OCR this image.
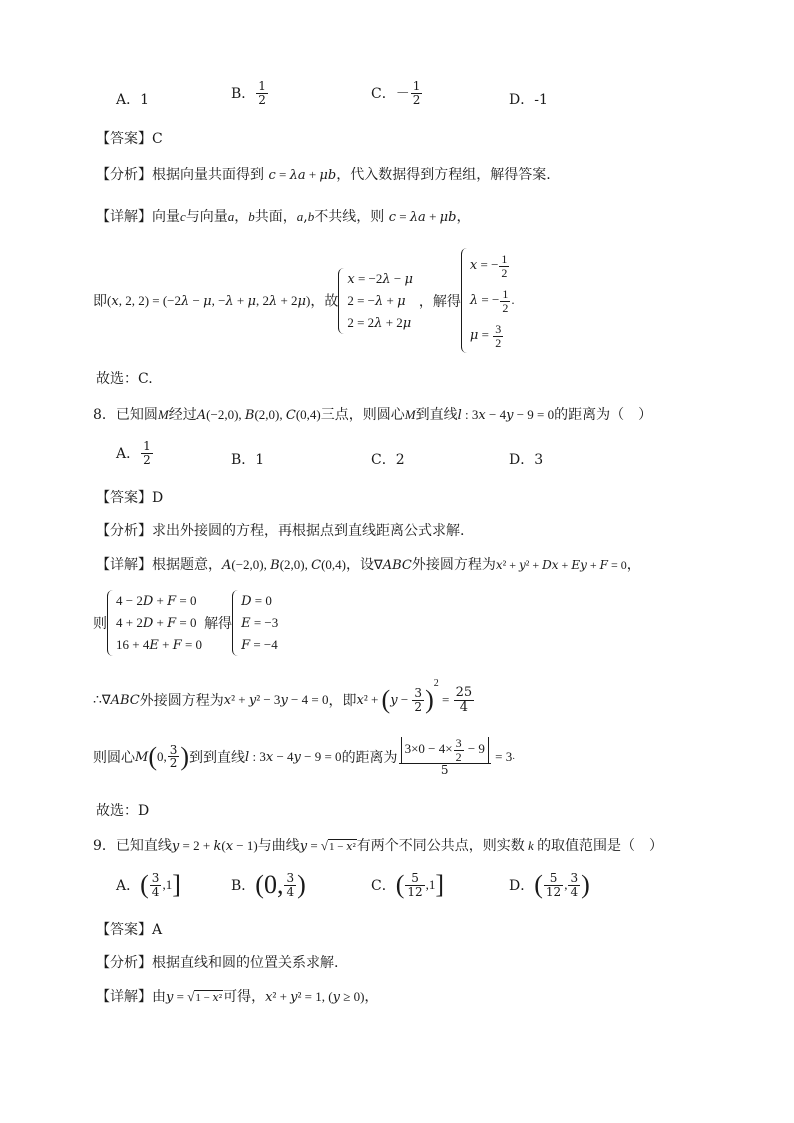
A．1	B． $\frac{1}{2}$	C．－ $\frac{1}{2}$	D．-1
【答案】C
【分析】根据向量共面得到 c = λa + μb，代入数据得到方程组，解得答案.
【详解】向量c与向量a，b共面，a,b不共线，则 c = λa + μb，
即(x, 2, 2) = (−2λ − μ, −λ + μ, 2λ + 2μ)，故
x = −2λ − μ
2 = −λ + μ
2 = 2λ + 2μ
，解得
x = − $\frac{1}{2}$
λ = − $\frac{1}{2}$ .
$\mu = \frac{3}{2}$
故选：C.
8．已知圆M经过A(−2,0), B(2,0), C(0,4)三点，则圆心M到直线l : 3x − 4y − 9 = 0的距离为（　）
A． $\frac{1}{2}$	B．1	C．2	D．3
【答案】D
【分析】求出外接圆的方程，再根据点到直线距离公式求解.
【详解】根据题意，A(−2,0), B(2,0), C(0,4)，设∇ABC外接圆方程为x² + y² + Dx + Ey + F = 0，
则
4 − 2D + F = 0
4 + 2D + F = 0
16 + 4E + F = 0
解得
D = 0
E = −3
F = −4
∴∇ABC外接圆方程为x² + y² − 3y − 4 = 0，即$x^2 + (y - \frac{3}{2} )^2 = \frac{25}{4}$
则圆心M(0, $\frac{3}{2}$ )到到直线l : 3x − 4y − 9 = 0的距离为 $\frac{3\times 0 - 4\times \frac{3}{2} - 9}{5} = 3$.
故选：D
9．已知直线y = 2 + k(x − 1)与曲线y = √1 − x²有两个不同公共点，则实数 k 的取值范围是（　）
A．( $\frac{3}{4} ,1$]	B．(0, $\frac{3}{4}$ )	C．( $\frac{5}{12} ,1$]	D．( $\frac{5}{12}$ , $\frac{3}{4}$ )
【答案】A
【分析】根据直线和圆的位置关系求解.
【详解】由y = √1 − x²可得，x² + y² = 1, (y ≥ 0)，
